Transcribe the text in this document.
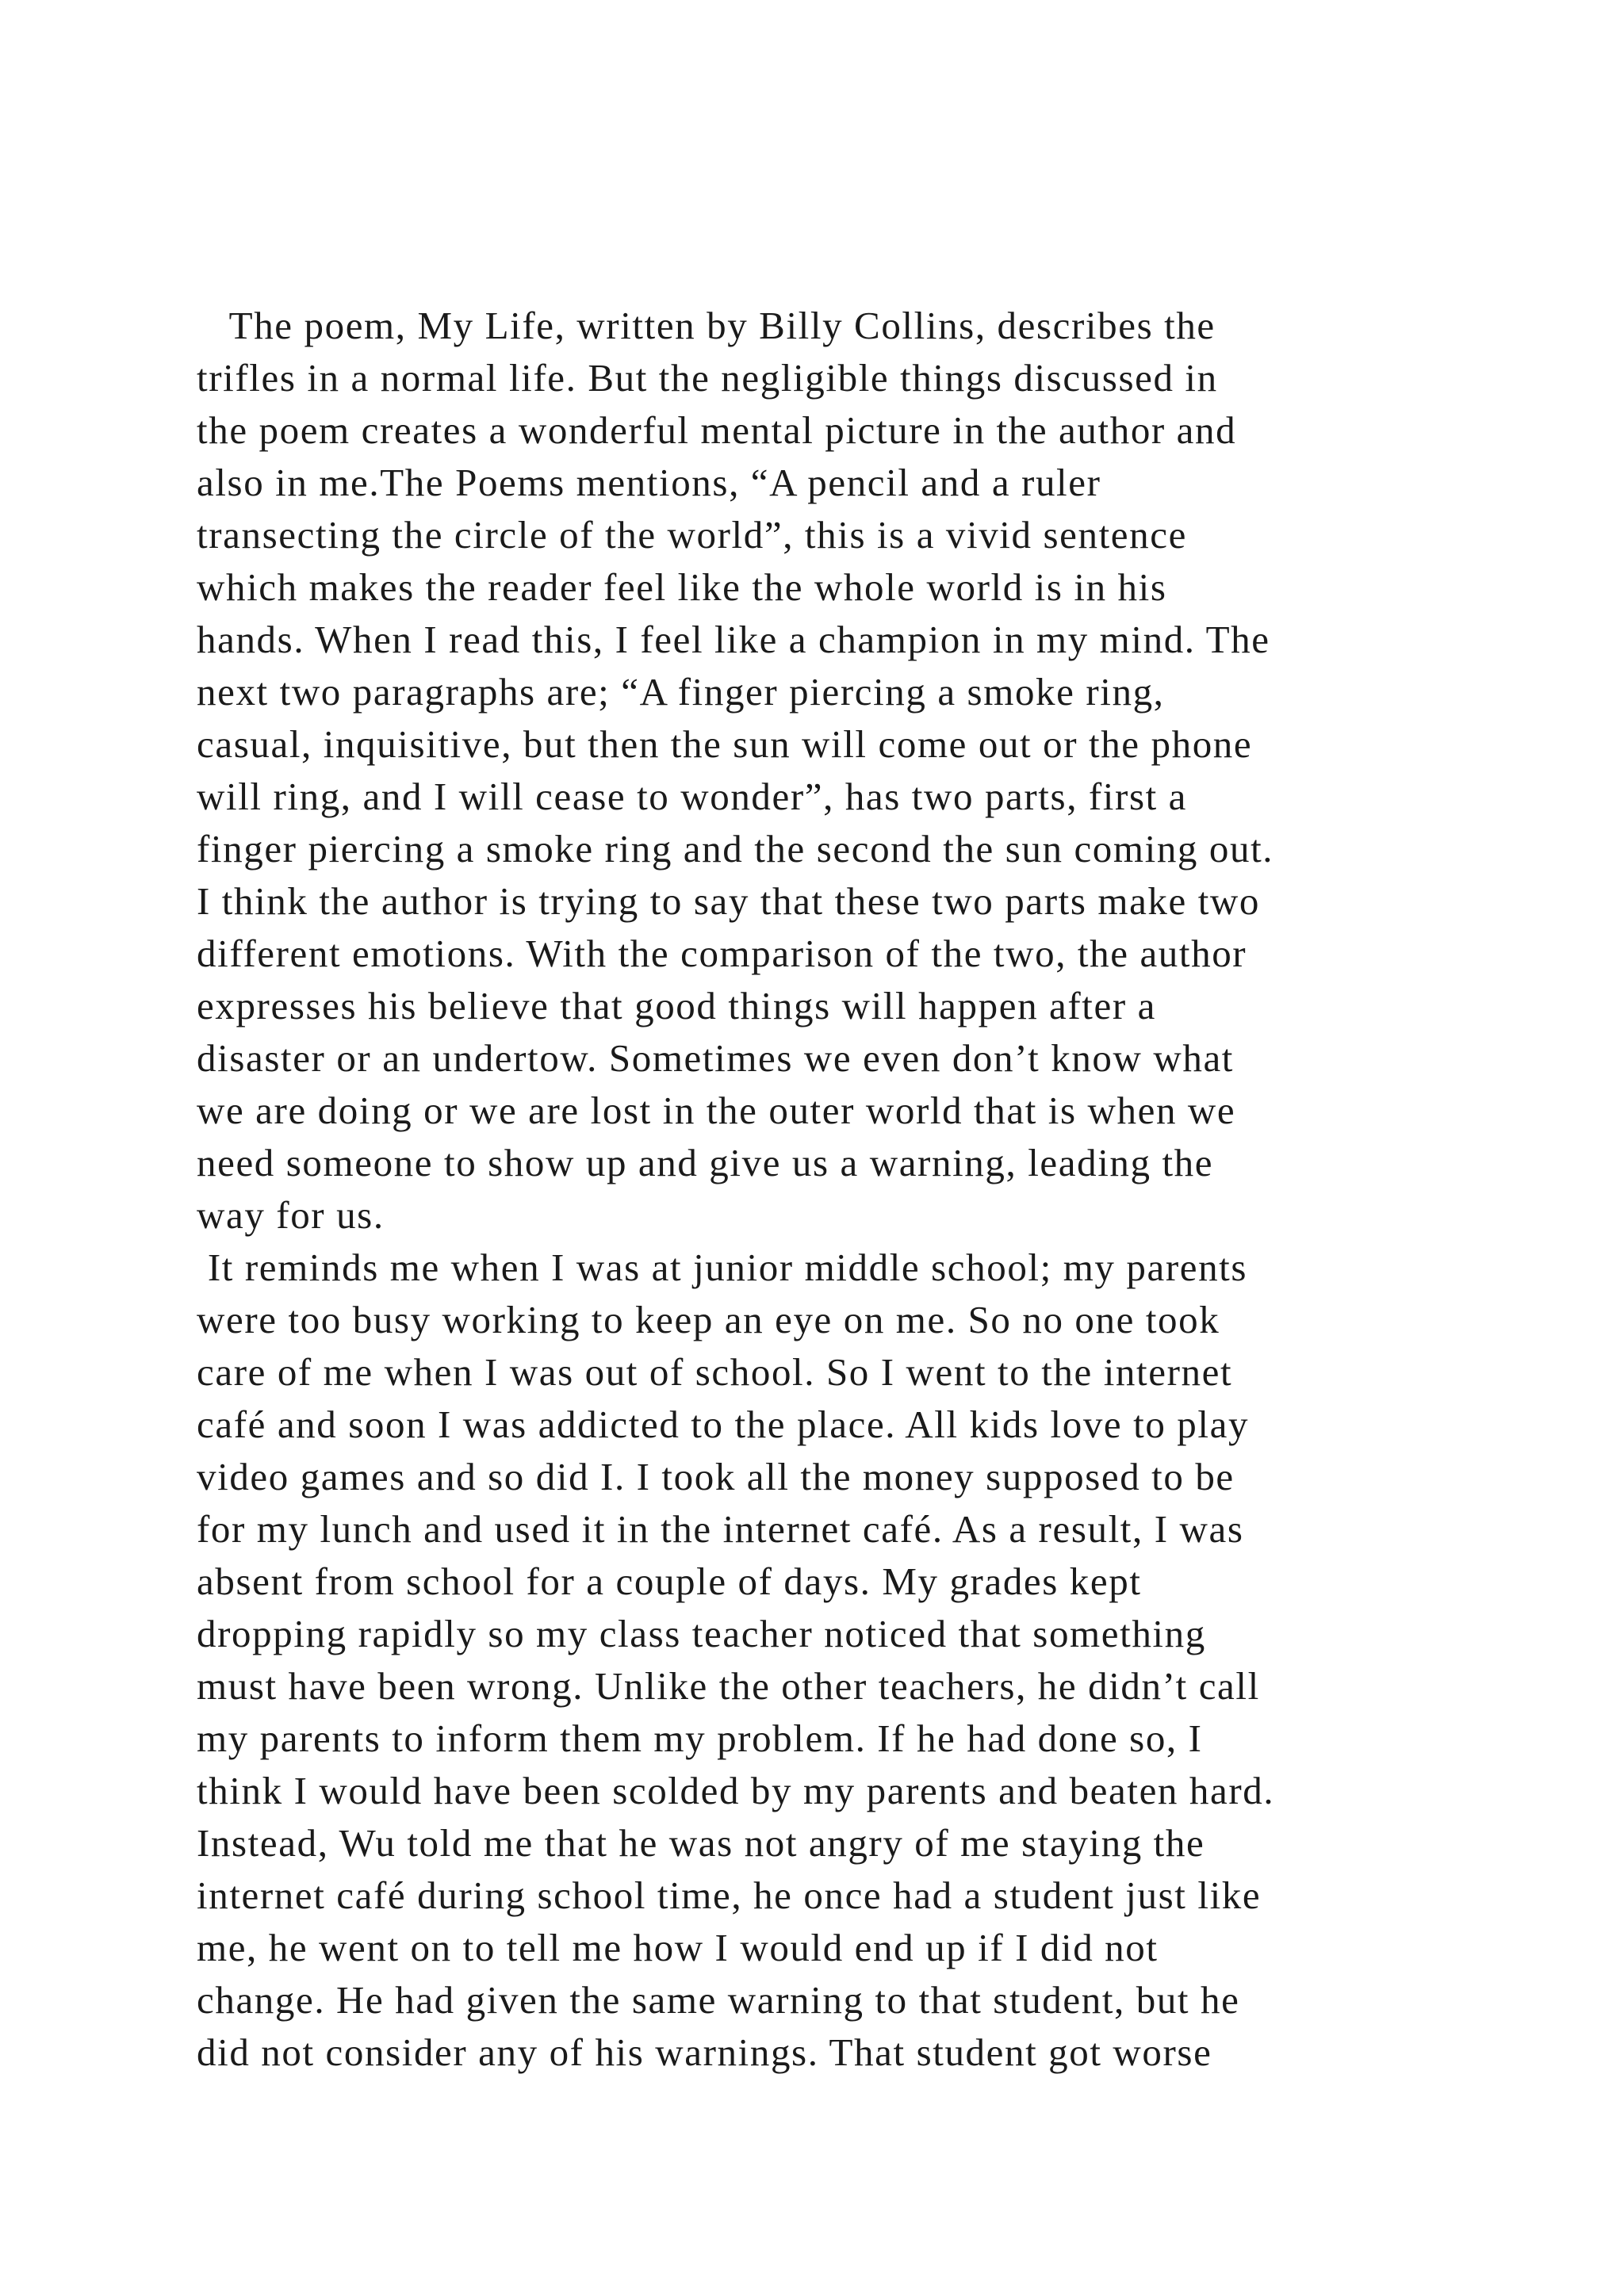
The poem, My Life, written by Billy Collins, describes the
trifles in a normal life. But the negligible things discussed in
the poem creates a wonderful mental picture in the author and
also in me.The Poems mentions, “A pencil and a ruler
transecting the circle of the world”, this is a vivid sentence
which makes the reader feel like the whole world is in his
hands. When I read this, I feel like a champion in my mind. The
next two paragraphs are; “A finger piercing a smoke ring,
casual, inquisitive, but then the sun will come out or the phone
will ring, and I will cease to wonder”, has two parts, first a
finger piercing a smoke ring and the second the sun coming out.
I think the author is trying to say that these two parts make two
different emotions. With the comparison of the two, the author
expresses his believe that good things will happen after a
disaster or an undertow. Sometimes we even don’t know what
we are doing or we are lost in the outer world that is when we
need someone to show up and give us a warning, leading the
way for us.
It reminds me when I was at junior middle school; my parents
were too busy working to keep an eye on me. So no one took
care of me when I was out of school. So I went to the internet
café and soon I was addicted to the place. All kids love to play
video games and so did I. I took all the money supposed to be
for my lunch and used it in the internet café. As a result, I was
absent from school for a couple of days. My grades kept
dropping rapidly so my class teacher noticed that something
must have been wrong. Unlike the other teachers, he didn’t call
my parents to inform them my problem. If he had done so, I
think I would have been scolded by my parents and beaten hard.
Instead, Wu told me that he was not angry of me staying the
internet café during school time, he once had a student just like
me, he went on to tell me how I would end up if I did not
change. He had given the same warning to that student, but he
did not consider any of his warnings. That student got worse
